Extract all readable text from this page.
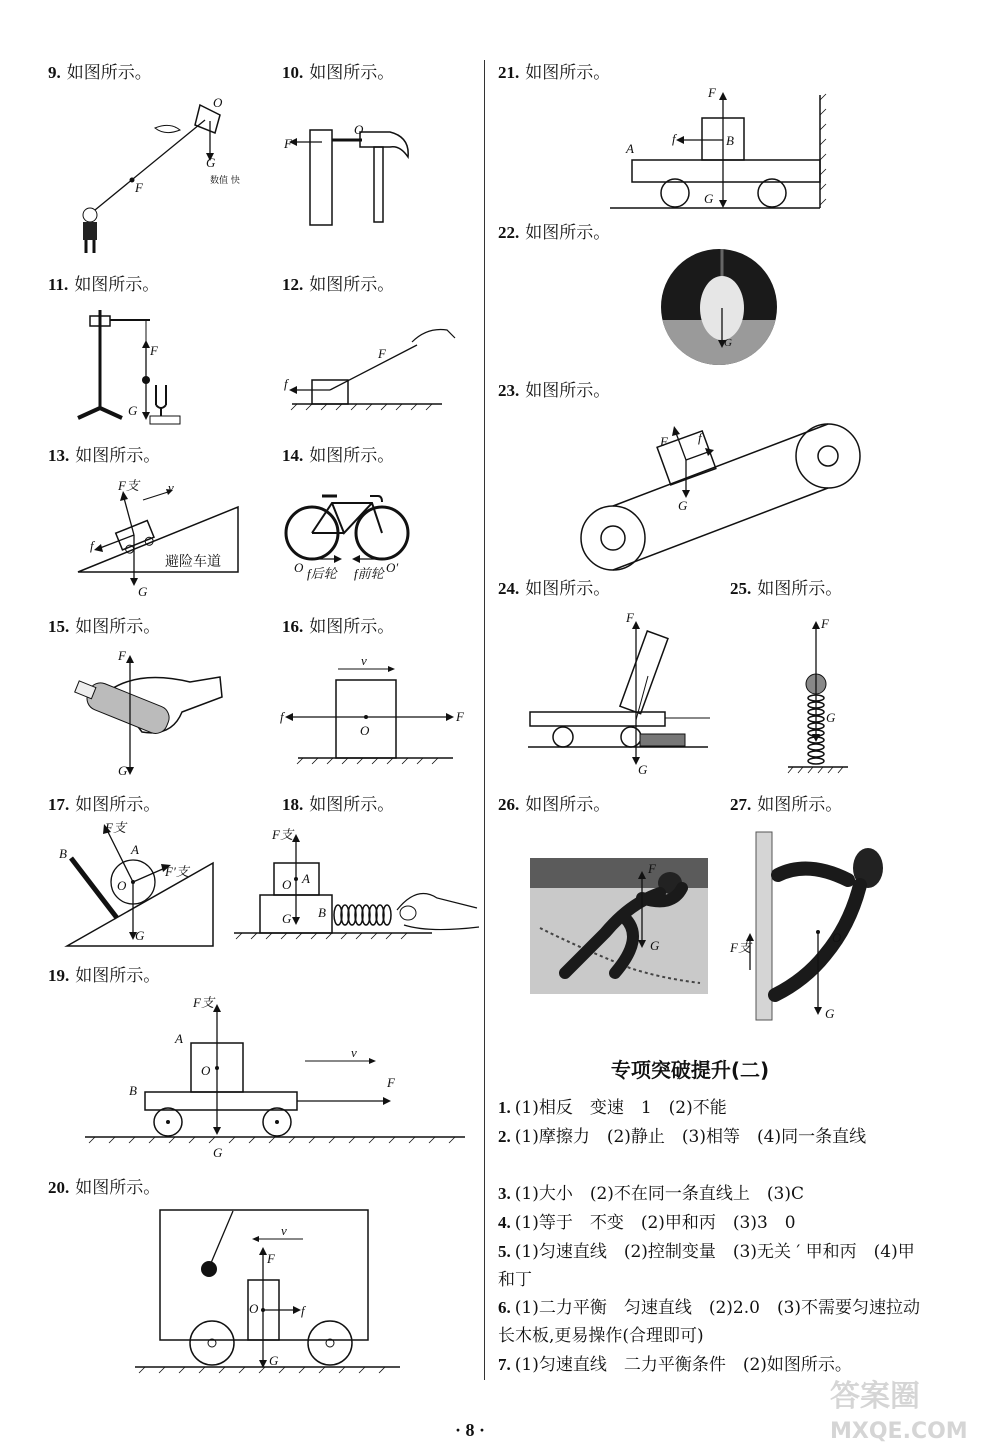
9. 如图所示。	10. 如图所示。
11. 如图所示。	12. 如图所示。
13. 如图所示。	14. 如图所示。
15. 如图所示。	16. 如图所示。
17. 如图所示。	18. 如图所示。
19. 如图所示。
20. 如图所示。
21. 如图所示。
22. 如图所示。
23. 如图所示。
24. 如图所示。	25. 如图所示。
26. 如图所示。	27. 如图所示。
O
F
G
数值 快
F
O
F
G
F
f
F支 v
f
G
避险车道	O f后轮 f前轮 O′
F
G
v
f	F
O
B
F支
A
F′支
O
G
F支
O A
G B
F支
A
O
v
B
F
G
v
F
O	f
G
F
f	B
A
G
G
F f
G
F
G
F
G
F
G	F支
O
G
专项突破提升(二)
1. (1)相反　变速　1　(2)不能
2. (1)摩擦力　(2)静止　(3)相等　(4)同一条直线
3. (1)大小　(2)不在同一条直线上　(3)C
4. (1)等于　不变　(2)甲和丙　(3)3　0
5. (1)匀速直线　(2)控制变量　(3)无关 ′ 甲和丙　(4)甲和丁
6. (1)二力平衡　匀速直线　(2)2.0　(3)不需要匀速拉动长木板,更易操作(合理即可)
7. (1)匀速直线　二力平衡条件　(2)如图所示。
· 8 ·
答案圈
MXQE.COM
